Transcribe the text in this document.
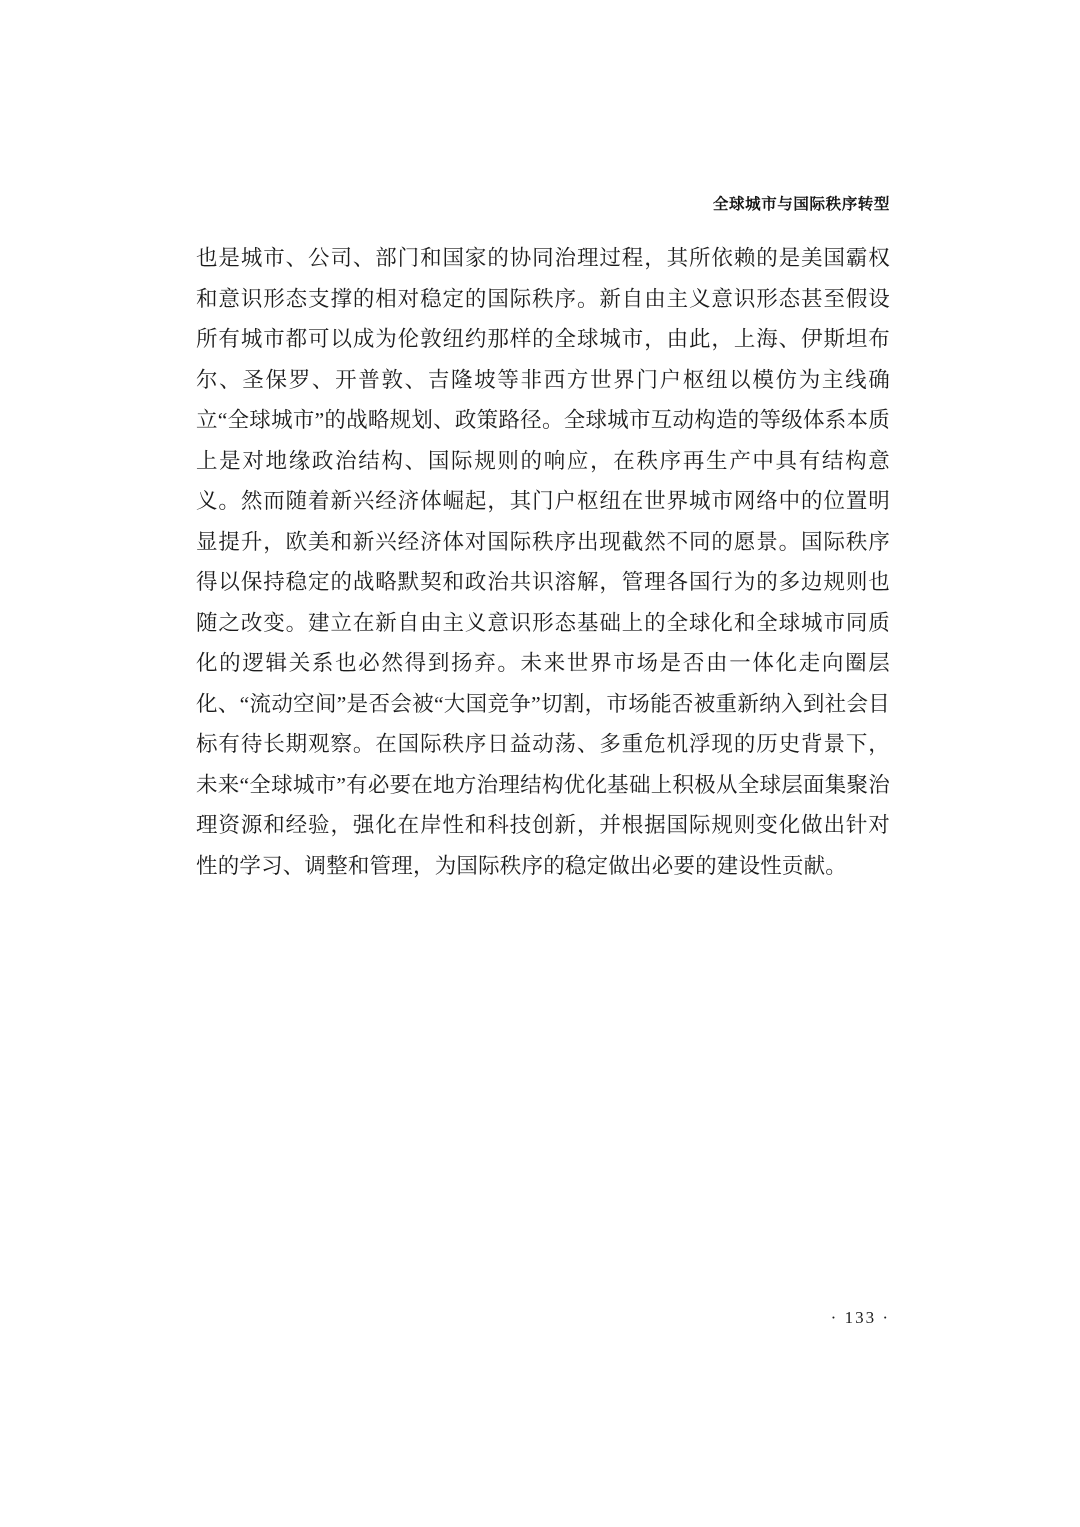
全球城市与国际秩序转型

也是城市、公司、部门和国家的协同治理过程，其所依赖的是美国霸权和意识形态支撑的相对稳定的国际秩序。新自由主义意识形态甚至假设所有城市都可以成为伦敦纽约那样的全球城市，由此，上海、伊斯坦布尔、圣保罗、开普敦、吉隆坡等非西方世界门户枢纽以模仿为主线确立“全球城市”的战略规划、政策路径。全球城市互动构造的等级体系本质上是对地缘政治结构、国际规则的响应，在秩序再生产中具有结构意义。然而随着新兴经济体崛起，其门户枢纽在世界城市网络中的位置明显提升，欧美和新兴经济体对国际秩序出现截然不同的愿景。国际秩序得以保持稳定的战略默契和政治共识溶解，管理各国行为的多边规则也随之改变。建立在新自由主义意识形态基础上的全球化和全球城市同质化的逻辑关系也必然得到扬弃。未来世界市场是否由一体化走向圈层化、“流动空间”是否会被“大国竞争”切割，市场能否被重新纳入到社会目标有待长期观察。在国际秩序日益动荡、多重危机浮现的历史背景下，未来“全球城市”有必要在地方治理结构优化基础上积极从全球层面集聚治理资源和经验，强化在岸性和科技创新，并根据国际规则变化做出针对性的学习、调整和管理，为国际秩序的稳定做出必要的建设性贡献。

· 133 ·
